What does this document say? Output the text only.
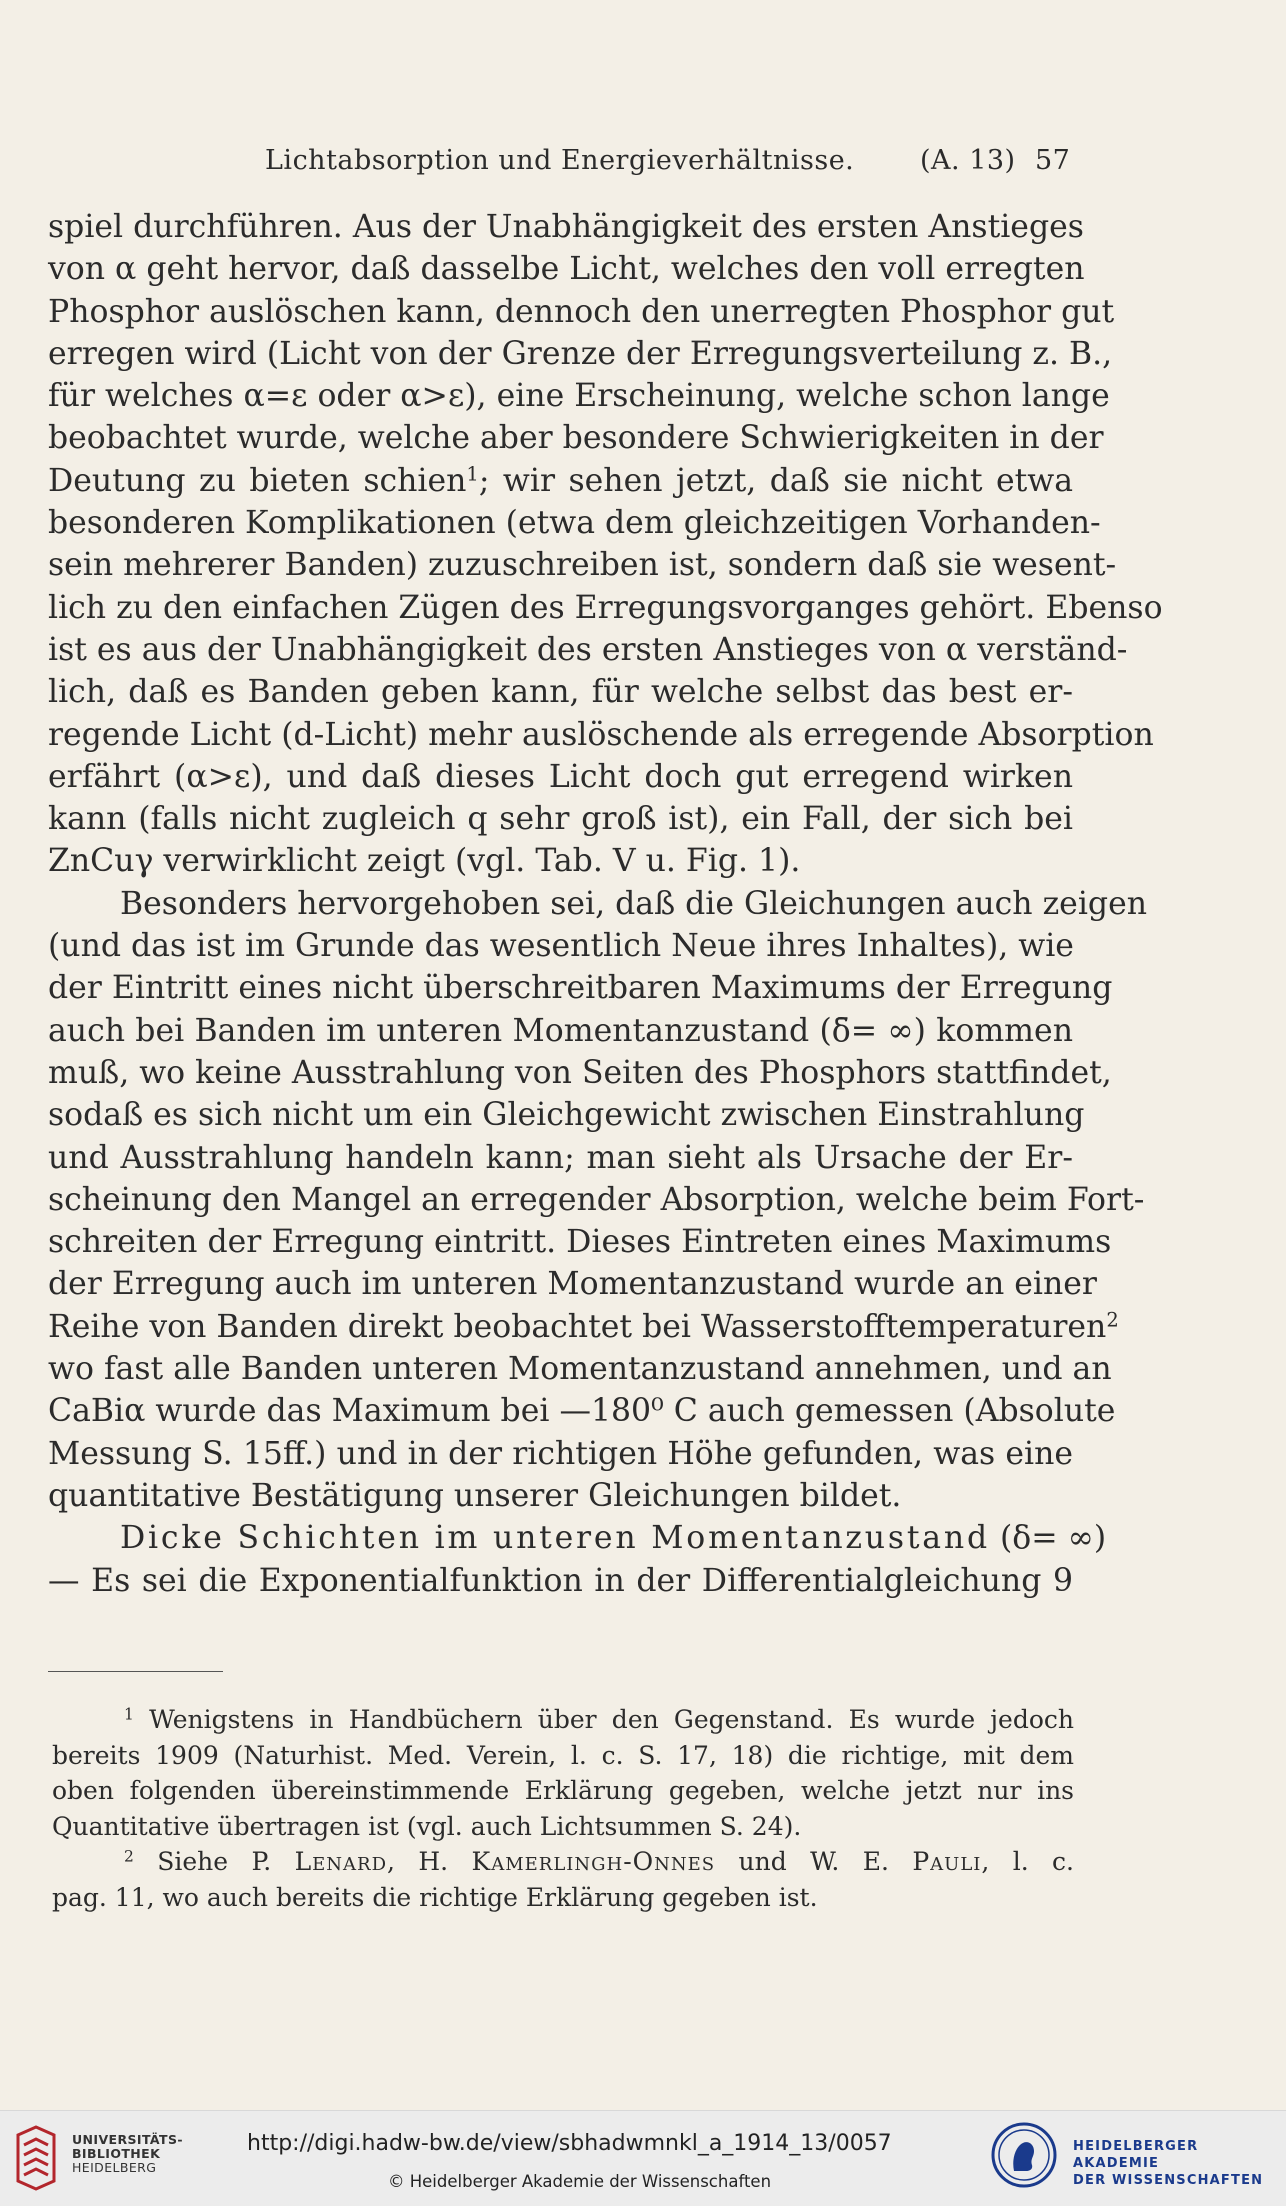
Lichtabsorption und Energieverhältnisse. (A. 13) 57
spiel durchführen. Aus der Unabhängigkeit des ersten Anstieges
von α geht hervor, daß dasselbe Licht, welches den voll erregten
Phosphor auslöschen kann, dennoch den unerregten Phosphor gut
erregen wird (Licht von der Grenze der Erregungsverteilung z. B.,
für welches α=ε oder α>ε), eine Erscheinung, welche schon lange
beobachtet wurde, welche aber besondere Schwierigkeiten in der
Deutung zu bieten schien$^1$; wir sehen jetzt, daß sie nicht etwa
besonderen Komplikationen (etwa dem gleichzeitigen Vorhanden-
sein mehrerer Banden) zuzuschreiben ist, sondern daß sie wesent-
lich zu den einfachen Zügen des Erregungsvorganges gehört. Ebenso
ist es aus der Unabhängigkeit des ersten Anstieges von α verständ-
lich, daß es Banden geben kann, für welche selbst das best er-
regende Licht (d-Licht) mehr auslöschende als erregende Absorption
erfährt (α>ε), und daß dieses Licht doch gut erregend wirken
kann (falls nicht zugleich q sehr groß ist), ein Fall, der sich bei
ZnCuγ verwirklicht zeigt (vgl. Tab. V u. Fig. 1).
Besonders hervorgehoben sei, daß die Gleichungen auch zeigen
(und das ist im Grunde das wesentlich Neue ihres Inhaltes), wie
der Eintritt eines nicht überschreitbaren Maximums der Erregung
auch bei Banden im unteren Momentanzustand (δ̄= ∞) kommen
muß, wo keine Ausstrahlung von Seiten des Phosphors stattfindet,
sodaß es sich nicht um ein Gleichgewicht zwischen Einstrahlung
und Ausstrahlung handeln kann; man sieht als Ursache der Er-
scheinung den Mangel an erregender Absorption, welche beim Fort-
schreiten der Erregung eintritt. Dieses Eintreten eines Maximums
der Erregung auch im unteren Momentanzustand wurde an einer
Reihe von Banden direkt beobachtet bei Wasserstofftemperaturen$^2$
wo fast alle Banden unteren Momentanzustand annehmen, und an
CaBiα wurde das Maximum bei —180⁰ C auch gemessen (Absolute
Messung S. 15ff.) und in der richtigen Höhe gefunden, was eine
quantitative Bestätigung unserer Gleichungen bildet.
Dicke Schichten im unteren Momentanzustand (δ= ∞)
— Es sei die Exponentialfunktion in der Differentialgleichung 9
$^1$ Wenigstens in Handbüchern über den Gegenstand. Es wurde jedoch
bereits 1909 (Naturhist. Med. Verein, l. c. S. 17, 18) die richtige, mit dem
oben folgenden übereinstimmende Erklärung gegeben, welche jetzt nur ins
Quantitative übertragen ist (vgl. auch Lichtsummen S. 24).
$^2$ Siehe P. Lenard, H. Kamerlingh-Onnes und W. E. Pauli, l. c.
pag. 11, wo auch bereits die richtige Erklärung gegeben ist.
UNIVERSITÄTS-
BIBLIOTHEK
HEIDELBERG
http://digi.hadw-bw.de/view/sbhadwmnkl_a_1914_13/0057
© Heidelberger Akademie der Wissenschaften
HEIDELBERGER AKADEMIE
DER WISSENSCHAFTEN
